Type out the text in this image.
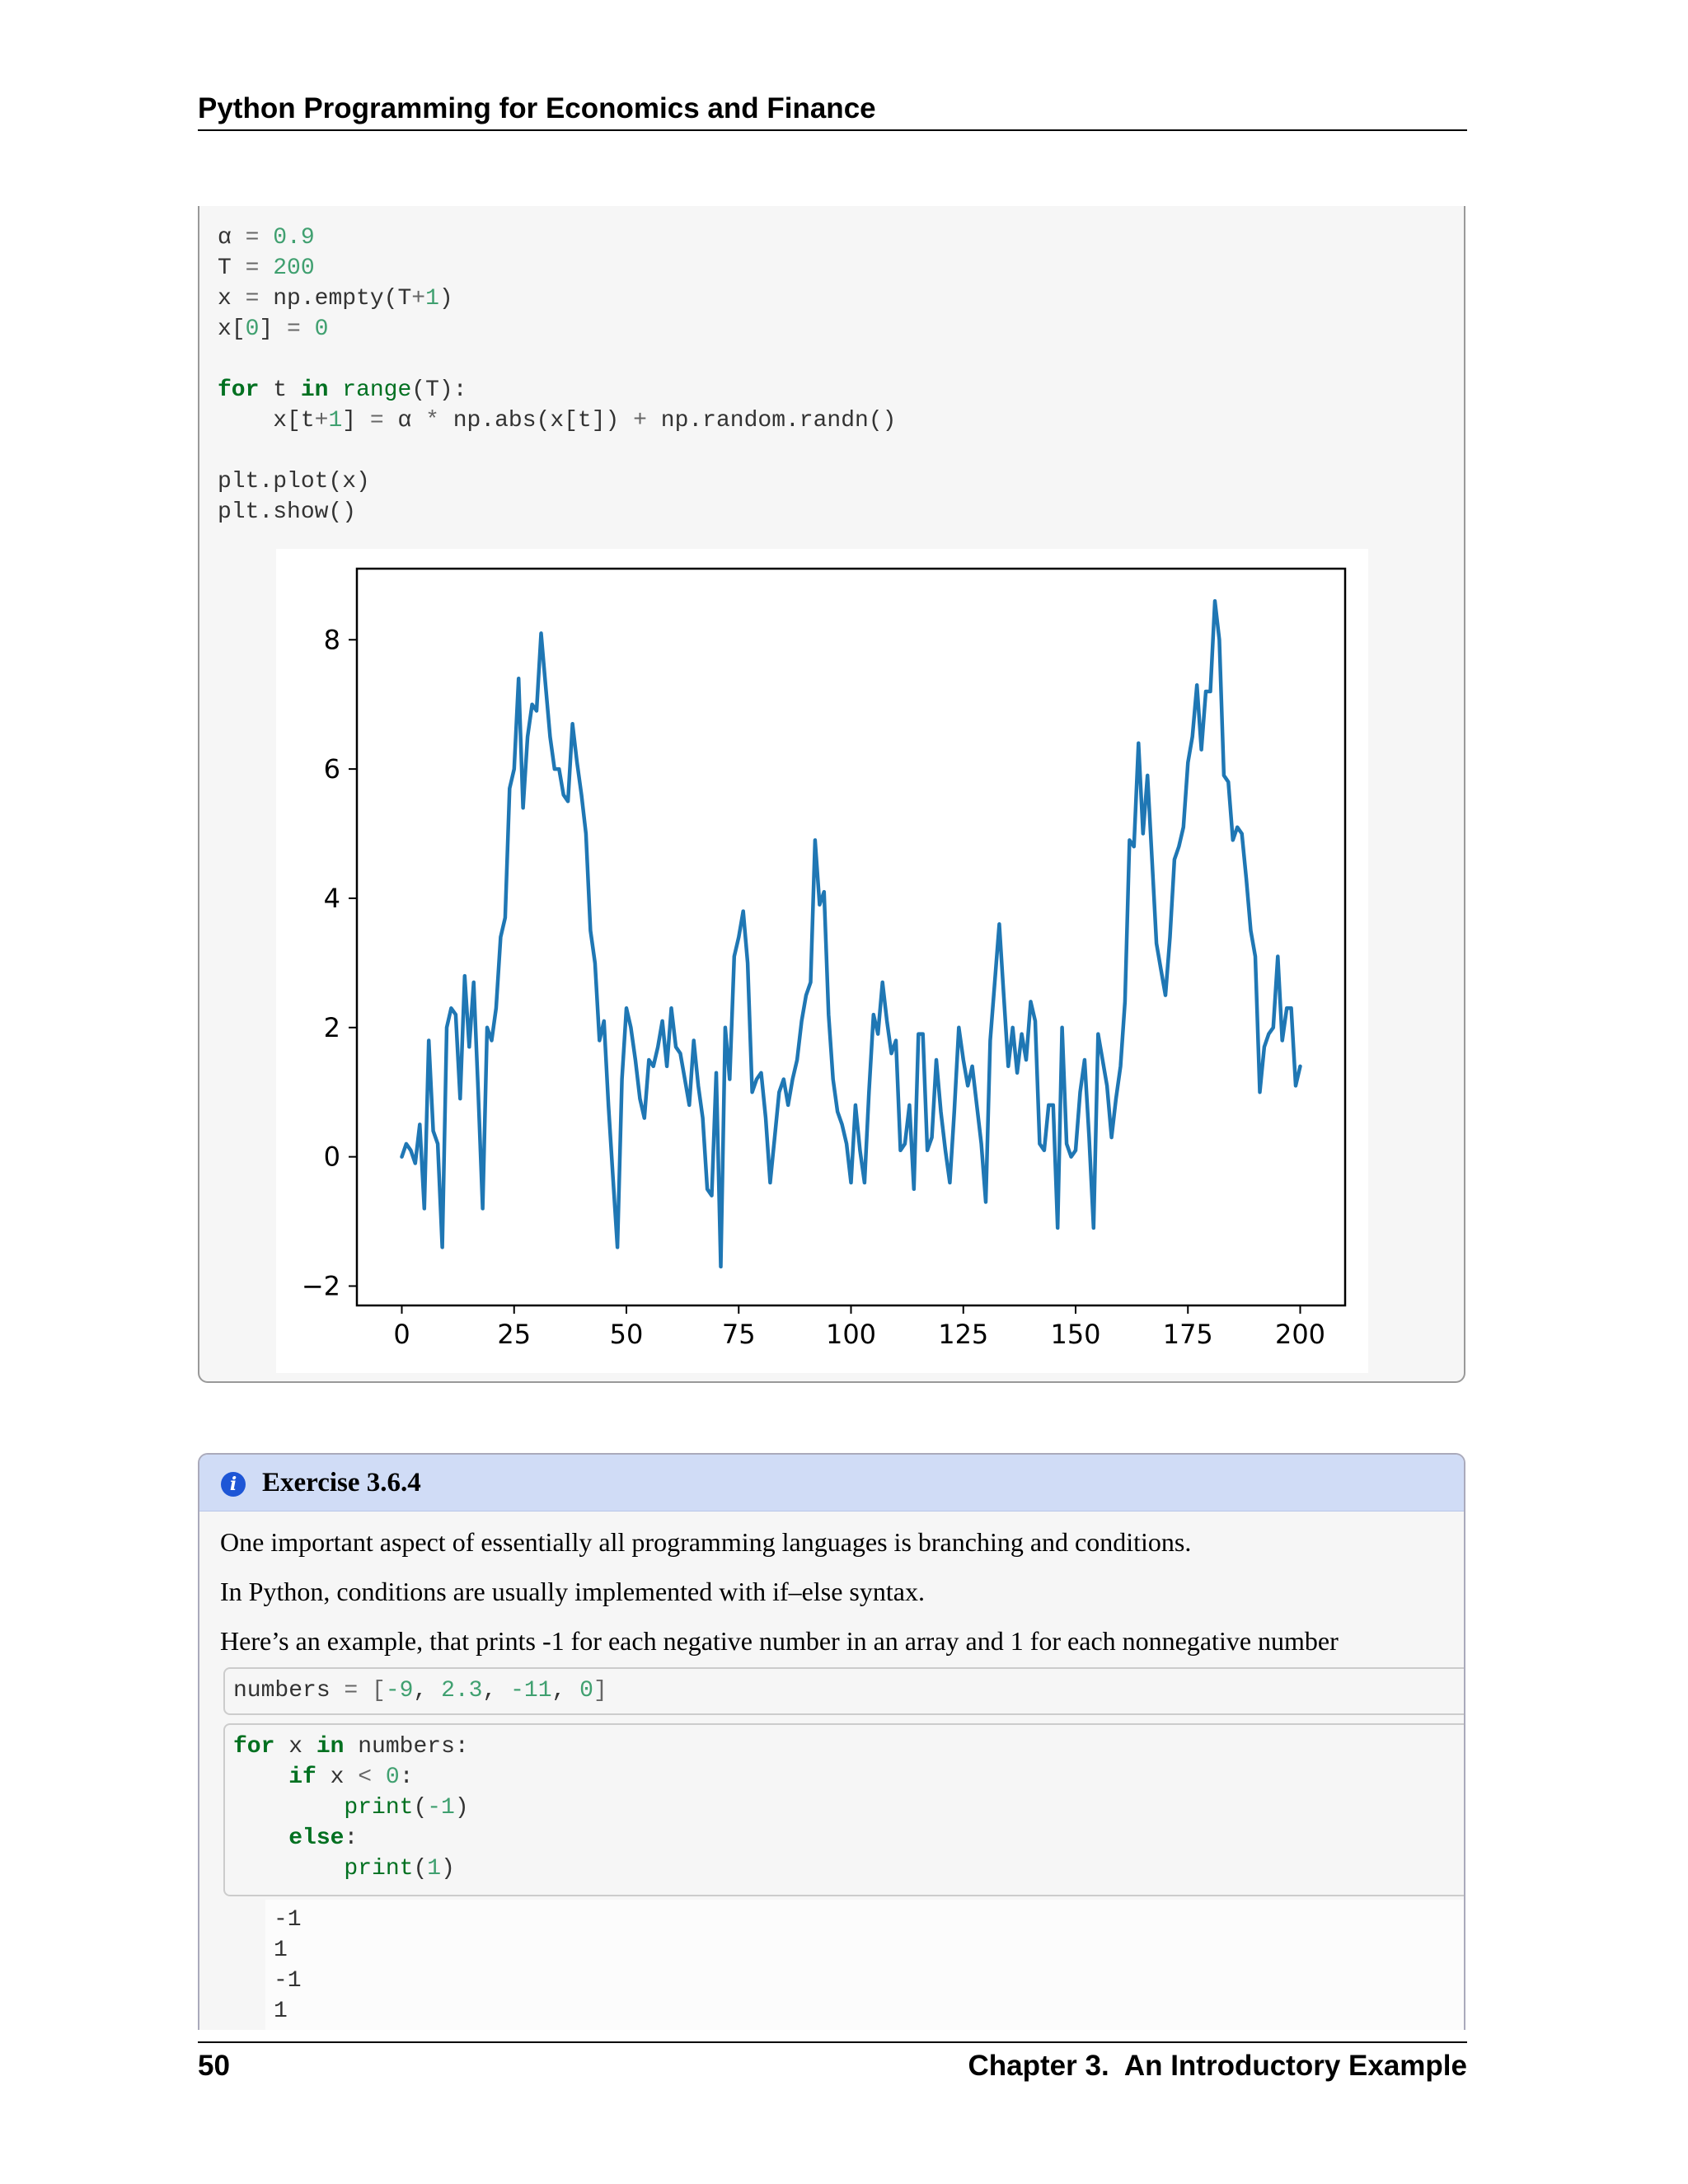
Python Programming for Economics and Finance
α = 0.9
T = 200
x = np.empty(T+1)
x[0] = 0

for t in range(T):
x[t+1] = α * np.abs(x[t]) + np.random.randn()

plt.plot(x)
plt.show()
0	25	50	75	100 125 150 175 200
−2
0
2
4
6
8
i Exercise 3.6.4
One important aspect of essentially all programming languages is branching and conditions.
In Python, conditions are usually implemented with if–else syntax.
Here’s an example, that prints -1 for each negative number in an array and 1 for each nonnegative number
numbers = [-9, 2.3, -11, 0]
for x in numbers:
if x < 0:
print(-1)
else:
print(1)
-1
1
-1
1
50	Chapter 3.  An Introductory Example
